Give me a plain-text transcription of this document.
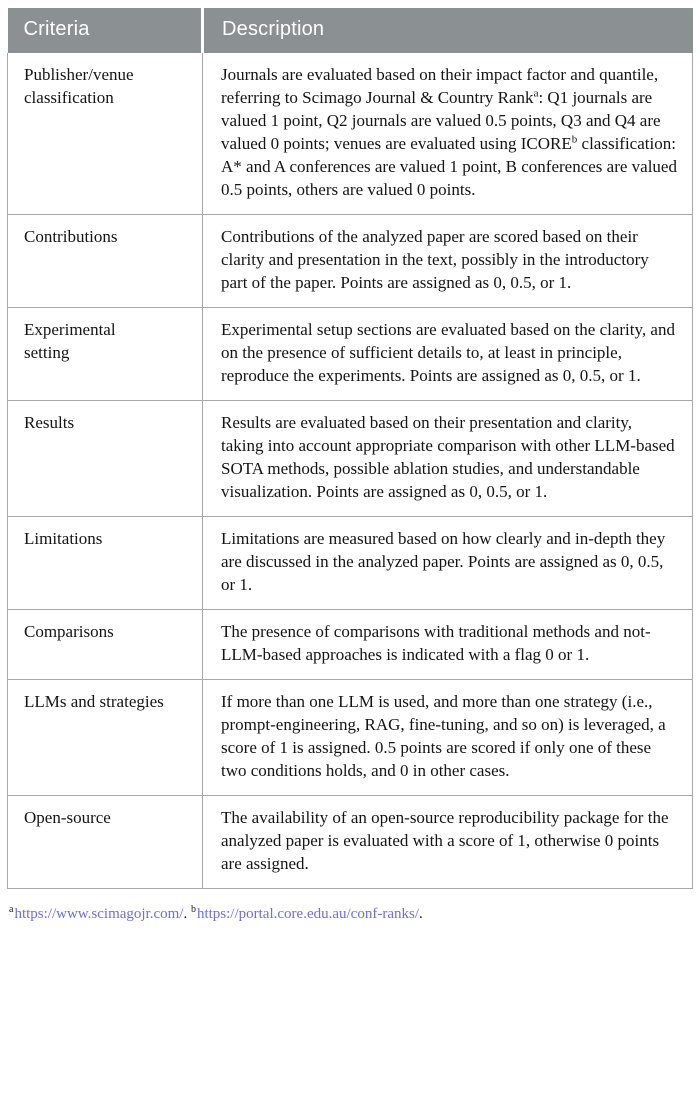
Criteria	Description
Publisher/venue classification	Journals are evaluated based on their impact factor and quantile, referring to Scimago Journal & Country Rank$^a$: Q1 journals are valued 1 point, Q2 journals are valued 0.5 points, Q3 and Q4 are valued 0 points; venues are evaluated using ICORE$^b$ classification: A* and A conferences are valued 1 point, B conferences are valued 0.5 points, others are valued 0 points.
Contributions	Contributions of the analyzed paper are scored based on their clarity and presentation in the text, possibly in the introductory part of the paper. Points are assigned as 0, 0.5, or 1.
Experimental setting	Experimental setup sections are evaluated based on the clarity, and on the presence of sufficient details to, at least in principle, reproduce the experiments. Points are assigned as 0, 0.5, or 1.
Results	Results are evaluated based on their presentation and clarity, taking into account appropriate comparison with other LLM-based SOTA methods, possible ablation studies, and understandable visualization. Points are assigned as 0, 0.5, or 1.
Limitations	Limitations are measured based on how clearly and in-depth they are discussed in the analyzed paper. Points are assigned as 0, 0.5, or 1.
Comparisons	The presence of comparisons with traditional methods and not-LLM-based approaches is indicated with a flag 0 or 1.
LLMs and strategies	If more than one LLM is used, and more than one strategy (i.e., prompt-engineering, RAG, fine-tuning, and so on) is leveraged, a score of 1 is assigned. 0.5 points are scored if only one of these two conditions holds, and 0 in other cases.
Open-source	The availability of an open-source reproducibility package for the analyzed paper is evaluated with a score of 1, otherwise 0 points are assigned.
$^a$https://www.scimagojr.com/. $^b$https://portal.core.edu.au/conf-ranks/.
